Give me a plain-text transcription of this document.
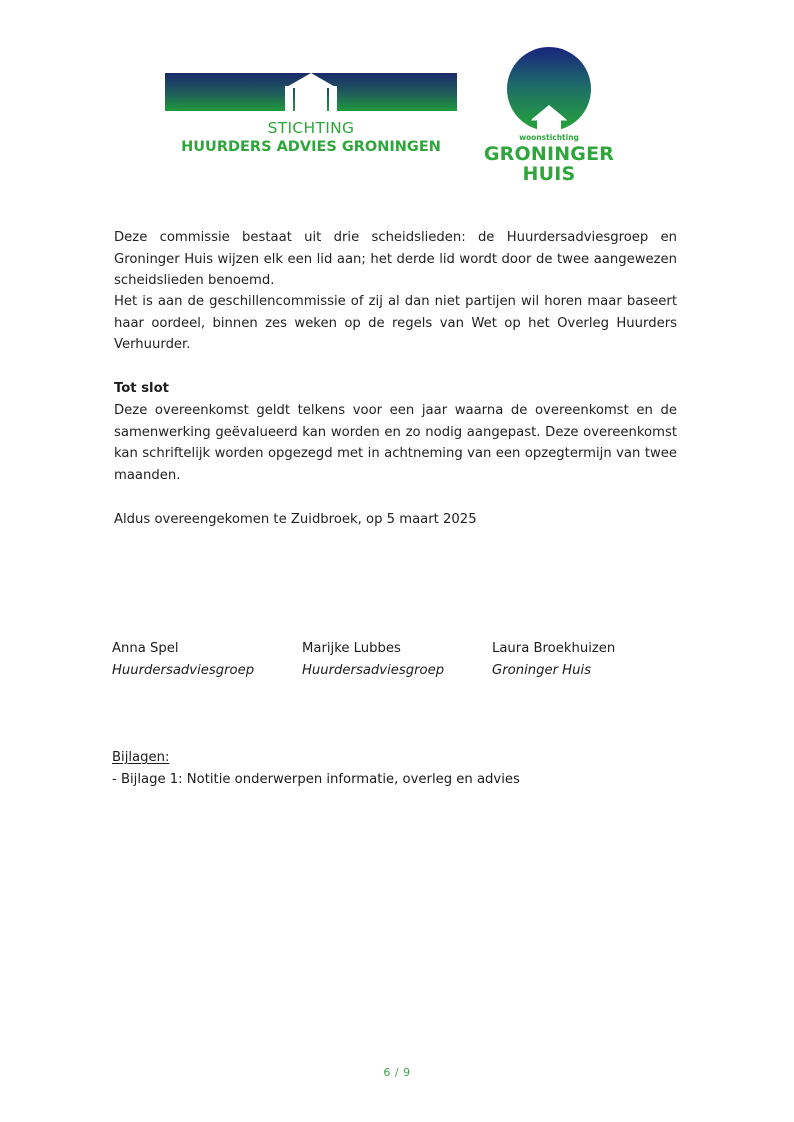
STICHTING
HUURDERS ADVIES GRONINGEN
woonstichting
GRONINGER
HUIS
Deze commissie bestaat uit drie scheidslieden: de Huurdersadviesgroep en
Groninger Huis wijzen elk een lid aan; het derde lid wordt door de twee aangewezen
scheidslieden benoemd.
Het is aan de geschillencommissie of zij al dan niet partijen wil horen maar baseert
haar oordeel, binnen zes weken op de regels van Wet op het Overleg Huurders
Verhuurder.
Tot slot
Deze overeenkomst geldt telkens voor een jaar waarna de overeenkomst en de
samenwerking geëvalueerd kan worden en zo nodig aangepast. Deze overeenkomst
kan schriftelijk worden opgezegd met in achtneming van een opzegtermijn van twee
maanden.
Aldus overeengekomen te Zuidbroek, op 5 maart 2025
Anna Spel
Huurdersadviesgroep
Marijke Lubbes
Huurdersadviesgroep
Laura Broekhuizen
Groninger Huis
Bijlagen:
- Bijlage 1: Notitie onderwerpen informatie, overleg en advies
6 / 9
